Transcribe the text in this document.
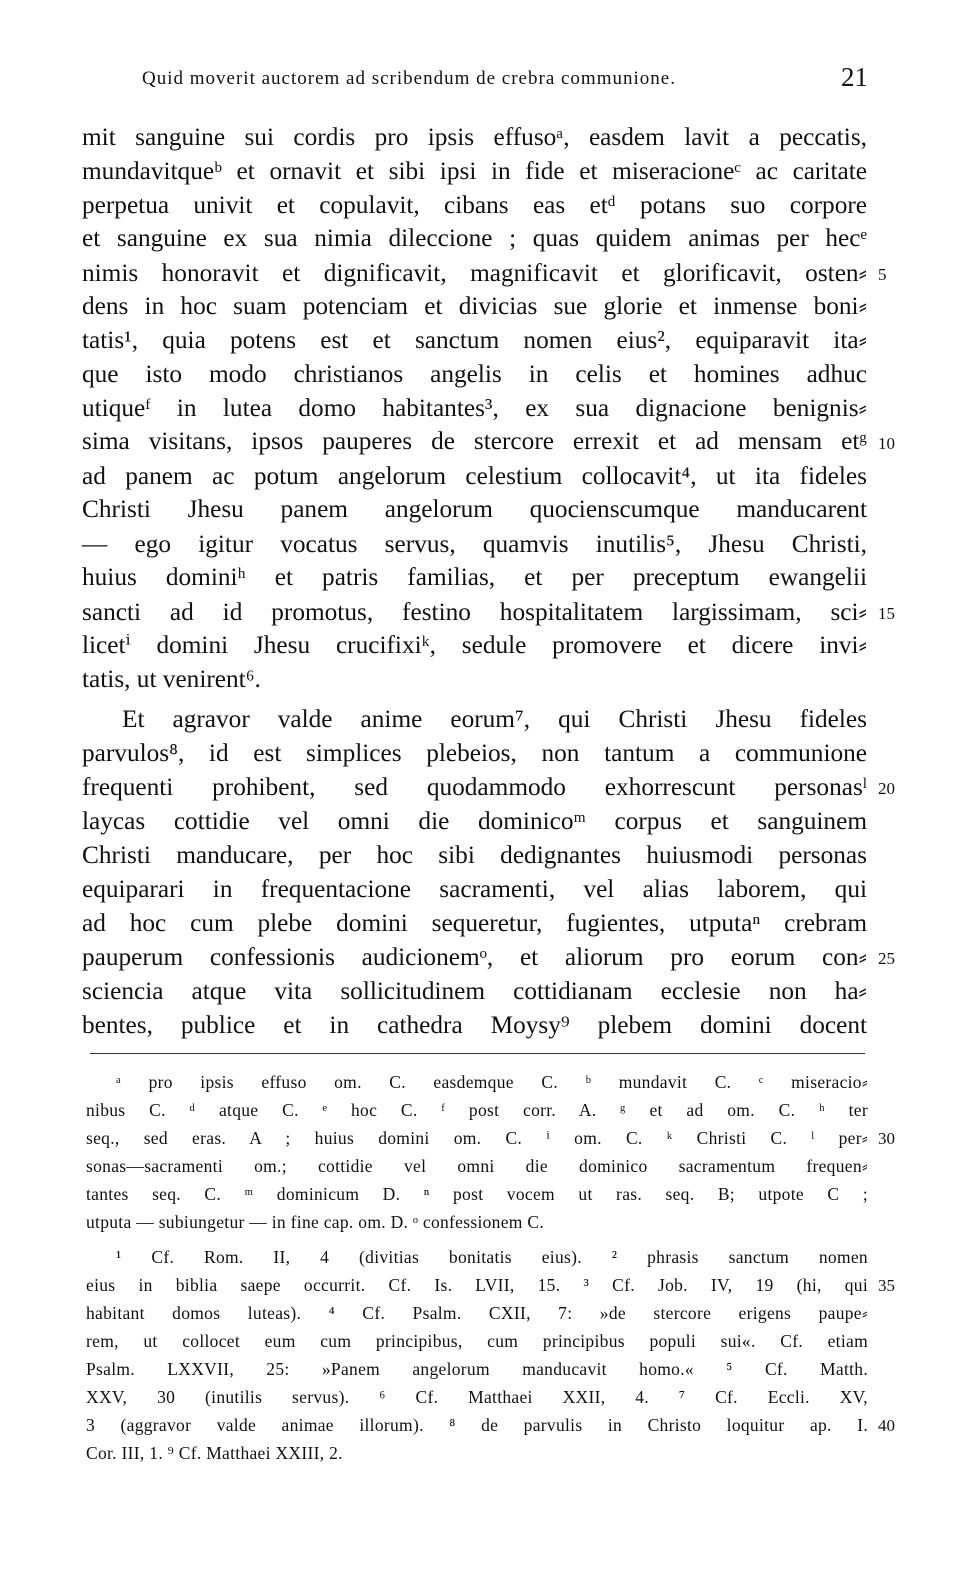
Quid moverit auctorem ad scribendum de crebra communione.	21
mit sanguine sui cordis pro ipsis effusoᵃ, easdem lavit a peccatis,
mundavitqueᵇ et ornavit et sibi ipsi in fide et miseracioneᶜ ac caritate
perpetua univit et copulavit, cibans eas etᵈ potans suo corpore
et sanguine ex sua nimia dileccione ; quas quidem animas per hecᵉ
nimis honoravit et dignificavit, magnificavit et glorificavit, osten⸗
dens in hoc suam potenciam et divicias sue glorie et inmense boni⸗
tatis¹, quia potens est et sanctum nomen eius², equiparavit ita⸗
que isto modo christianos angelis in celis et homines adhuc
utiqueᶠ in lutea domo habitantes³, ex sua dignacione benignis⸗
sima visitans, ipsos pauperes de stercore errexit et ad mensam etᵍ
ad panem ac potum angelorum celestium collocavit⁴, ut ita fideles
Christi Jhesu panem angelorum quocienscumque manducarent
— ego igitur vocatus servus, quamvis inutilis⁵, Jhesu Christi,
huius dominiʰ et patris familias, et per preceptum ewangelii
sancti ad id promotus, festino hospitalitatem largissimam, sci⸗
licetⁱ domini Jhesu crucifixiᵏ, sedule promovere et dicere invi⸗
tatis, ut venirent⁶.
Et agravor valde anime eorum⁷, qui Christi Jhesu fideles
parvulos⁸, id est simplices plebeios, non tantum a communione
frequenti prohibent, sed quodammodo exhorrescunt personasˡ
laycas cottidie vel omni die dominicoᵐ corpus et sanguinem
Christi manducare, per hoc sibi dedignantes huiusmodi personas
equiparari in frequentacione sacramenti, vel alias laborem, qui
ad hoc cum plebe domini sequeretur, fugientes, utputaⁿ crebram
pauperum confessionis audicionemᵒ, et aliorum pro eorum con⸗
sciencia atque vita sollicitudinem cottidianam ecclesie non ha⸗
bentes, publice et in cathedra Moysy⁹ plebem domini docent
5
10
15
20
25
ᵃ pro ipsis effuso om. C. easdemque C. ᵇ mundavit C. ᶜ miseracio⸗
nibus C. ᵈ atque C. ᵉ hoc C. ᶠ post corr. A. ᵍ et ad om. C. ʰ ter
seq., sed eras. A ; huius domini om. C. ⁱ om. C. ᵏ Christi C. ˡ per⸗
sonas—sacramenti om.; cottidie vel omni die dominico sacramentum frequen⸗
tantes seq. C. ᵐ dominicum D. ⁿ post vocem ut ras. seq. B; utpote C ;
utputa — subiungetur — in fine cap. om. D. ᵒ confessionem C.
¹ Cf. Rom. II, 4 (divitias bonitatis eius). ² phrasis sanctum nomen
eius in biblia saepe occurrit. Cf. Is. LVII, 15. ³ Cf. Job. IV, 19 (hi, qui
habitant domos luteas). ⁴ Cf. Psalm. CXII, 7: »de stercore erigens paupe⸗
rem, ut collocet eum cum principibus, cum principibus populi sui«. Cf. etiam
Psalm. LXXVII, 25: »Panem angelorum manducavit homo.« ⁵ Cf. Matth.
XXV, 30 (inutilis servus). ⁶ Cf. Matthaei XXII, 4. ⁷ Cf. Eccli. XV,
3 (aggravor valde animae illorum). ⁸ de parvulis in Christo loquitur ap. I.
Cor. III, 1. ⁹ Cf. Matthaei XXIII, 2.
30
35
40
